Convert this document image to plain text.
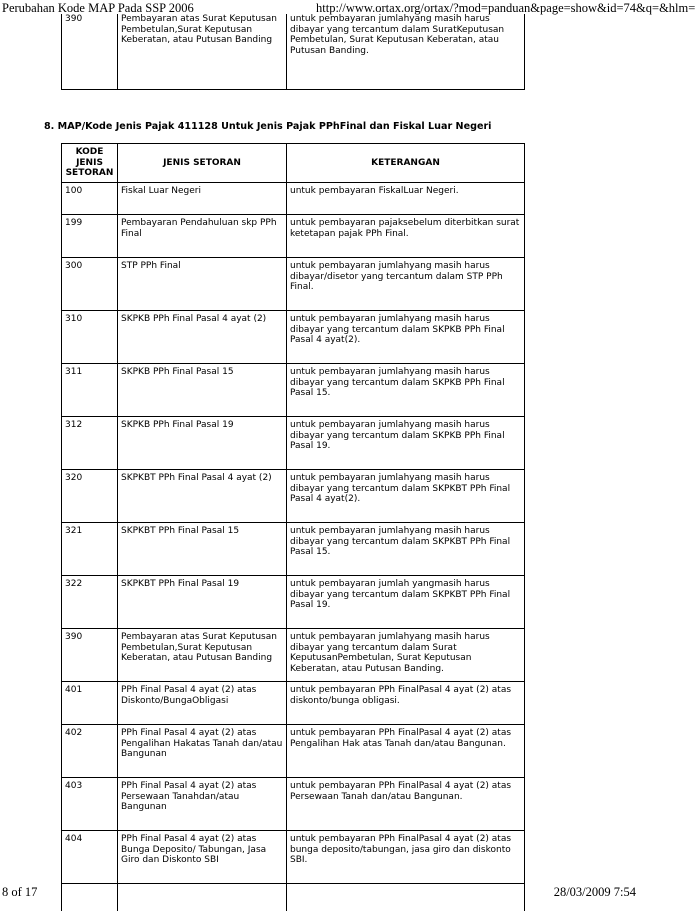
Perubahan Kode MAP Pada SSP 2006	http://www.ortax.org/ortax/?mod=panduan&page=show&id=74&q=&hlm=
390	Pembayaran atas Surat Keputusan Pembetulan,Surat Keputusan Keberatan, atau Putusan Banding	untuk pembayaran jumlahyang masih harus dibayar yang tercantum dalam SuratKeputusan Pembetulan, Surat Keputusan Keberatan, atau Putusan Banding.
8. MAP/Kode Jenis Pajak 411128 Untuk Jenis Pajak PPhFinal dan Fiskal Luar Negeri
KODE JENIS SETORAN	JENIS SETORAN	KETERANGAN
100	Fiskal Luar Negeri	untuk pembayaran FiskalLuar Negeri.
199	Pembayaran Pendahuluan skp PPh Final	untuk pembayaran pajaksebelum diterbitkan surat ketetapan pajak PPh Final.
300	STP PPh Final	untuk pembayaran jumlahyang masih harus dibayar/disetor yang tercantum dalam STP PPh Final.
310	SKPKB PPh Final Pasal 4 ayat (2)	untuk pembayaran jumlahyang masih harus dibayar yang tercantum dalam SKPKB PPh Final Pasal 4 ayat(2).
311	SKPKB PPh Final Pasal 15	untuk pembayaran jumlahyang masih harus dibayar yang tercantum dalam SKPKB PPh Final Pasal 15.
312	SKPKB PPh Final Pasal 19	untuk pembayaran jumlahyang masih harus dibayar yang tercantum dalam SKPKB PPh Final Pasal 19.
320	SKPKBT PPh Final Pasal 4 ayat (2)	untuk pembayaran jumlahyang masih harus dibayar yang tercantum dalam SKPKBT PPh Final Pasal 4 ayat(2).
321	SKPKBT PPh Final Pasal 15	untuk pembayaran jumlahyang masih harus dibayar yang tercantum dalam SKPKBT PPh Final Pasal 15.
322	SKPKBT PPh Final Pasal 19	untuk pembayaran jumlah yangmasih harus dibayar yang tercantum dalam SKPKBT PPh Final Pasal 19.
390	Pembayaran atas Surat Keputusan Pembetulan,Surat Keputusan Keberatan, atau Putusan Banding	untuk pembayaran jumlahyang masih harus dibayar yang tercantum dalam Surat KeputusanPembetulan, Surat Keputusan Keberatan, atau Putusan Banding.
401	PPh Final Pasal 4 ayat (2) atas Diskonto/BungaObligasi	untuk pembayaran PPh FinalPasal 4 ayat (2) atas diskonto/bunga obligasi.
402	PPh Final Pasal 4 ayat (2) atas Pengalihan Hakatas Tanah dan/atau Bangunan	untuk pembayaran PPh FinalPasal 4 ayat (2) atas Pengalihan Hak atas Tanah dan/atau Bangunan.
403	PPh Final Pasal 4 ayat (2) atas Persewaan Tanahdan/atau Bangunan	untuk pembayaran PPh FinalPasal 4 ayat (2) atas Persewaan Tanah dan/atau Bangunan.
404	PPh Final Pasal 4 ayat (2) atas Bunga Deposito/ Tabungan, Jasa Giro dan Diskonto SBI	untuk pembayaran PPh FinalPasal 4 ayat (2) atas bunga deposito/tabungan, jasa giro dan diskonto SBI.

8 of 17	28/03/2009 7:54
